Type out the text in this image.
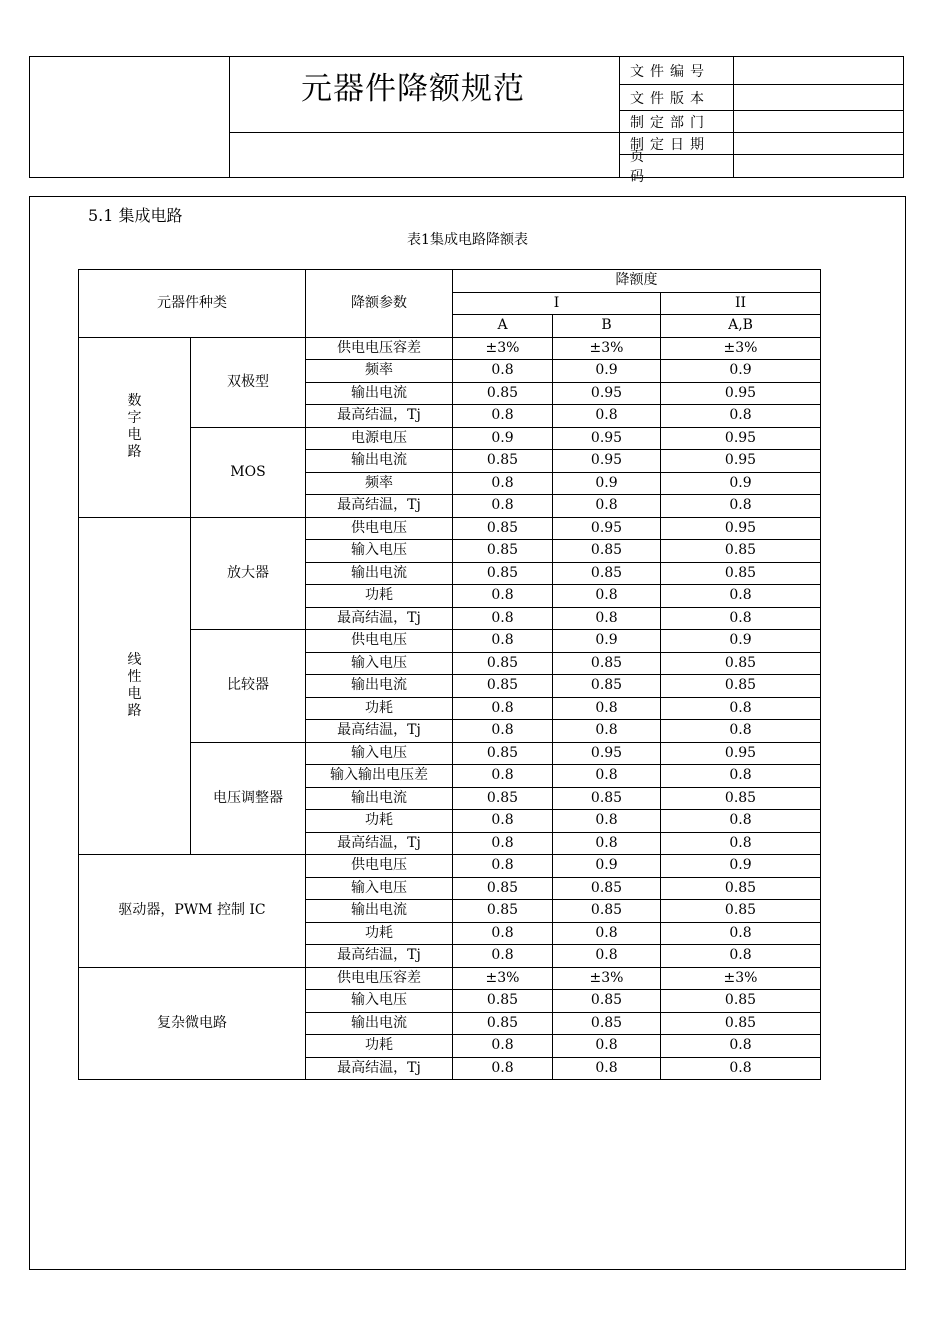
元器件降额规范	文件编号
文件版本
制定部门
制定日期
页码
5.1 集成电路
表1集成电路降额表
元器件种类		降额参数	降额度		
			I		II
			A	B	A,B
数字电路	双极型	供电电压容差	±3%	±3%	±3%
		频率	0.8	0.9	0.9
		输出电流	0.85	0.95	0.95
		最高结温，Tj	0.8	0.8	0.8
	MOS	电源电压	0.9	0.95	0.95
		输出电流	0.85	0.95	0.95
		频率	0.8	0.9	0.9
		最高结温，Tj	0.8	0.8	0.8
线性电路	放大器	供电电压	0.85	0.95	0.95
		输入电压	0.85	0.85	0.85
		输出电流	0.85	0.85	0.85
		功耗	0.8	0.8	0.8
		最高结温，Tj	0.8	0.8	0.8
	比较器	供电电压	0.8	0.9	0.9
		输入电压	0.85	0.85	0.85
		输出电流	0.85	0.85	0.85
		功耗	0.8	0.8	0.8
		最高结温，Tj	0.8	0.8	0.8
	电压调整器	输入电压	0.85	0.95	0.95
		输入输出电压差	0.8	0.8	0.8
		输出电流	0.85	0.85	0.85
		功耗	0.8	0.8	0.8
		最高结温，Tj	0.8	0.8	0.8
驱动器，PWM 控制 IC		供电电压	0.8	0.9	0.9
		输入电压	0.85	0.85	0.85
		输出电流	0.85	0.85	0.85
		功耗	0.8	0.8	0.8
		最高结温，Tj	0.8	0.8	0.8
复杂微电路		供电电压容差	±3%	±3%	±3%
		输入电压	0.85	0.85	0.85
		输出电流	0.85	0.85	0.85
		功耗	0.8	0.8	0.8
		最高结温，Tj	0.8	0.8	0.8
